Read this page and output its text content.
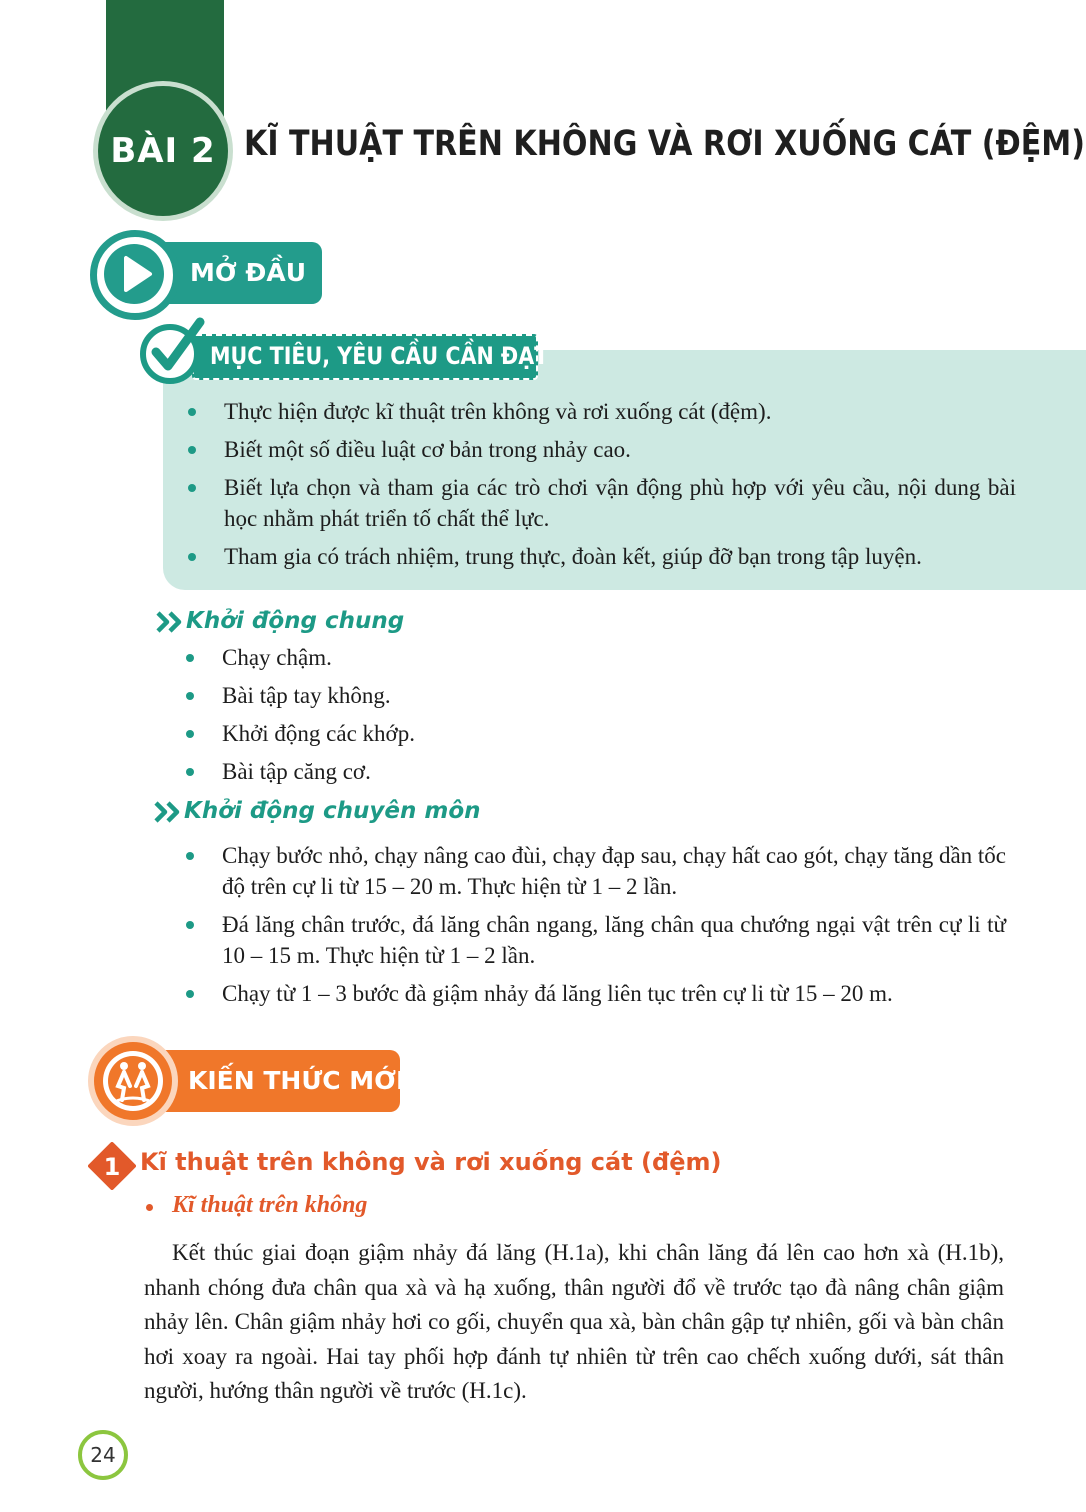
BÀI 2 KĨ THUẬT TRÊN KHÔNG VÀ RƠI XUỐNG CÁT (ĐỆM)
MỞ ĐẦU
MỤC TIÊU, YÊU CẦU CẦN ĐẠT
Thực hiện được kĩ thuật trên không và rơi xuống cát (đệm).
Biết một số điều luật cơ bản trong nhảy cao.
Biết lựa chọn và tham gia các trò chơi vận động phù hợp với yêu cầu, nội dung bài học nhằm phát triển tố chất thể lực.
Tham gia có trách nhiệm, trung thực, đoàn kết, giúp đỡ bạn trong tập luyện.
Khởi động chung
Chạy chậm.
Bài tập tay không.
Khởi động các khớp.
Bài tập căng cơ.
Khởi động chuyên môn
Chạy bước nhỏ, chạy nâng cao đùi, chạy đạp sau, chạy hất cao gót, chạy tăng dần tốc độ trên cự li từ 15 – 20 m. Thực hiện từ 1 – 2 lần.
Đá lăng chân trước, đá lăng chân ngang, lăng chân qua chướng ngại vật trên cự li từ 10 – 15 m. Thực hiện từ 1 – 2 lần.
Chạy từ 1 – 3 bước đà giậm nhảy đá lăng liên tục trên cự li từ 15 – 20 m.
KIẾN THỨC MỚI
1 Kĩ thuật trên không và rơi xuống cát (đệm)
Kĩ thuật trên không

Kết thúc giai đoạn giậm nhảy đá lăng (H.1a), khi chân lăng đá lên cao hơn xà (H.1b), nhanh chóng đưa chân qua xà và hạ xuống, thân người đổ về trước tạo đà nâng chân giậm nhảy lên. Chân giậm nhảy hơi co gối, chuyển qua xà, bàn chân gập tự nhiên, gối và bàn chân hơi xoay ra ngoài. Hai tay phối hợp đánh tự nhiên từ trên cao chếch xuống dưới, sát thân người, hướng thân người về trước (H.1c).

24
